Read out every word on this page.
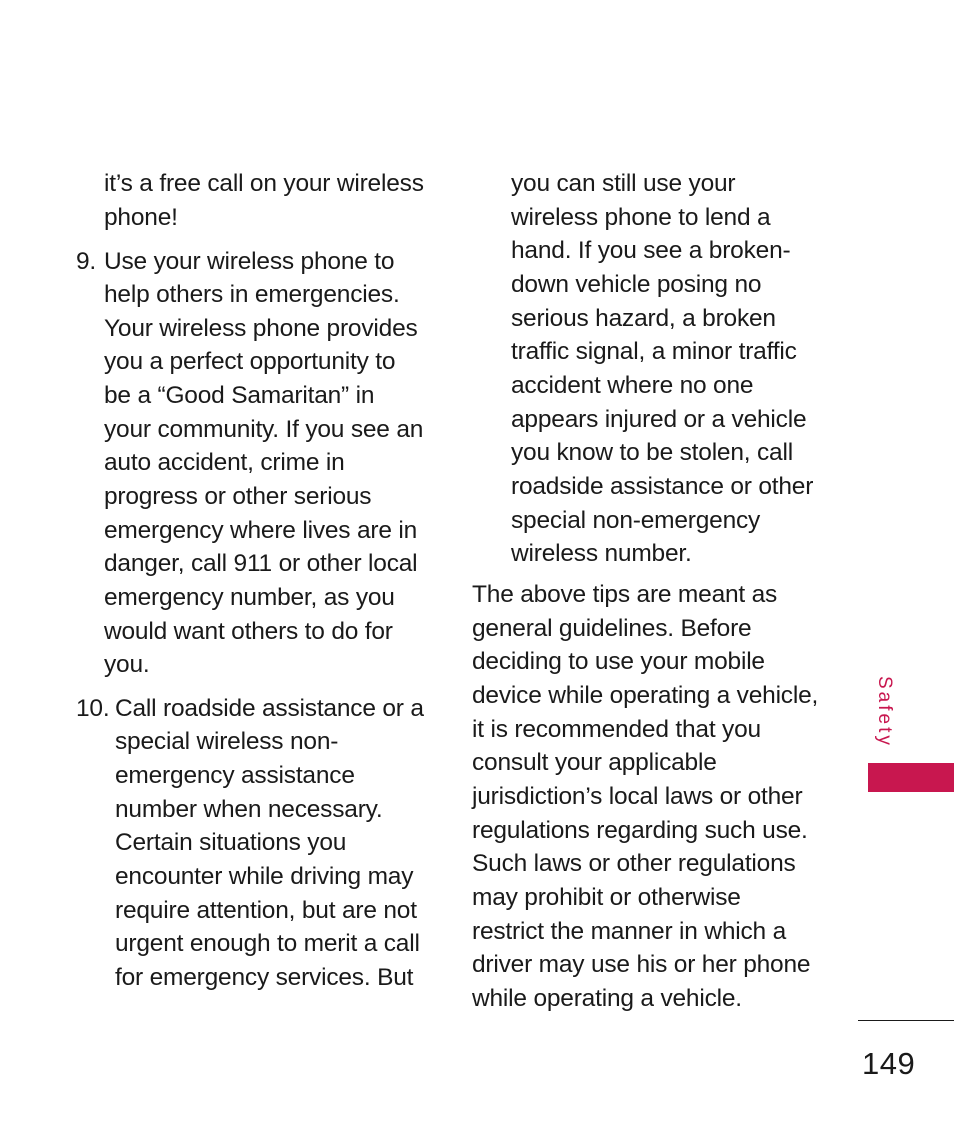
it’s a free call on your wireless
phone!
9. Use your wireless phone to
help others in emergencies.
Your wireless phone provides
you a perfect opportunity to
be a “Good Samaritan” in
your community. If you see an
auto accident, crime in
progress or other serious
emergency where lives are in
danger, call 911 or other local
emergency number, as you
would want others to do for
you.
10. Call roadside assistance or a
special wireless non-
emergency assistance
number when necessary.
Certain situations you
encounter while driving may
require attention, but are not
urgent enough to merit a call
for emergency services. But
you can still use your
wireless phone to lend a
hand. If you see a broken-
down vehicle posing no
serious hazard, a broken
traffic signal, a minor traffic
accident where no one
appears injured or a vehicle
you know to be stolen, call
roadside assistance or other
special non-emergency
wireless number.
The above tips are meant as
general guidelines. Before
deciding to use your mobile
device while operating a vehicle,
it is recommended that you
consult your applicable
jurisdiction’s local laws or other
regulations regarding such use.
Such laws or other regulations
may prohibit or otherwise
restrict the manner in which a
driver may use his or her phone
while operating a vehicle.
Safety
149
